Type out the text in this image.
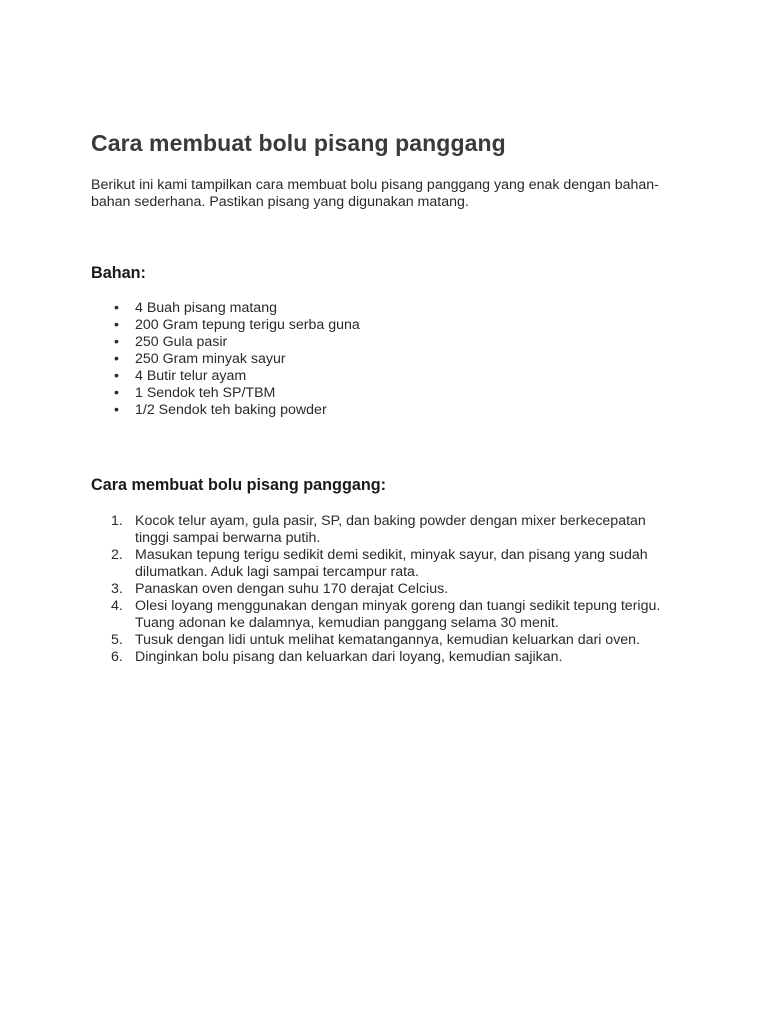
Cara membuat bolu pisang panggang

Berikut ini kami tampilkan cara membuat bolu pisang panggang yang enak dengan bahan-bahan sederhana. Pastikan pisang yang digunakan matang.

Bahan:
• 4 Buah pisang matang
• 200 Gram tepung terigu serba guna
• 250 Gula pasir
• 250 Gram minyak sayur
• 4 Butir telur ayam
• 1 Sendok teh SP/TBM
• 1/2 Sendok teh baking powder
Cara membuat bolu pisang panggang:
1. Kocok telur ayam, gula pasir, SP, dan baking powder dengan mixer berkecepatan tinggi sampai berwarna putih.
2. Masukan tepung terigu sedikit demi sedikit, minyak sayur, dan pisang yang sudah dilumatkan. Aduk lagi sampai tercampur rata.
3. Panaskan oven dengan suhu 170 derajat Celcius.
4. Olesi loyang menggunakan dengan minyak goreng dan tuangi sedikit tepung terigu. Tuang adonan ke dalamnya, kemudian panggang selama 30 menit.
5. Tusuk dengan lidi untuk melihat kematangannya, kemudian keluarkan dari oven.
6. Dinginkan bolu pisang dan keluarkan dari loyang, kemudian sajikan.
